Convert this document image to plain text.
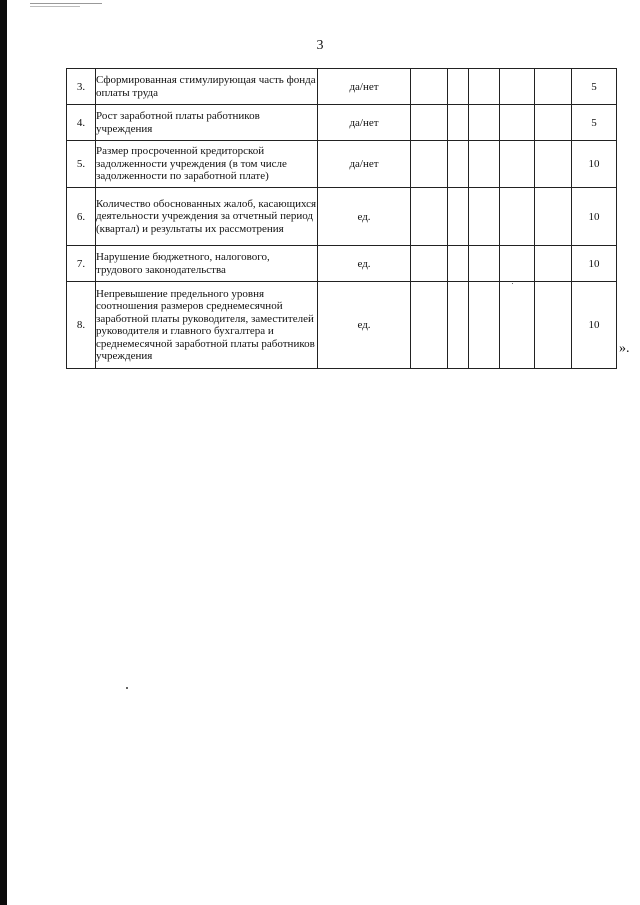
3
3.	Сформированная стимулирующая часть фонда оплаты труда	да/нет						5
4.	Рост заработной платы работников учреждения	да/нет						5
5.	Размер просроченной кредиторской задолженности учреждения (в том числе задолженности по заработной плате)	да/нет						10
6.	Количество обоснованных жалоб, касающихся деятельности учреждения за отчетный период (квартал) и результаты их рассмотрения	ед.						10
7.	Нарушение бюджетного, налогового, трудового законодательства	ед.						10
8.	Непревышение предельного уровня соотношения размеров среднемесячной заработной платы руководителя, заместителей руководителя и главного бухгалтера и среднемесячной заработной платы работников учреждения	ед.						10
».
